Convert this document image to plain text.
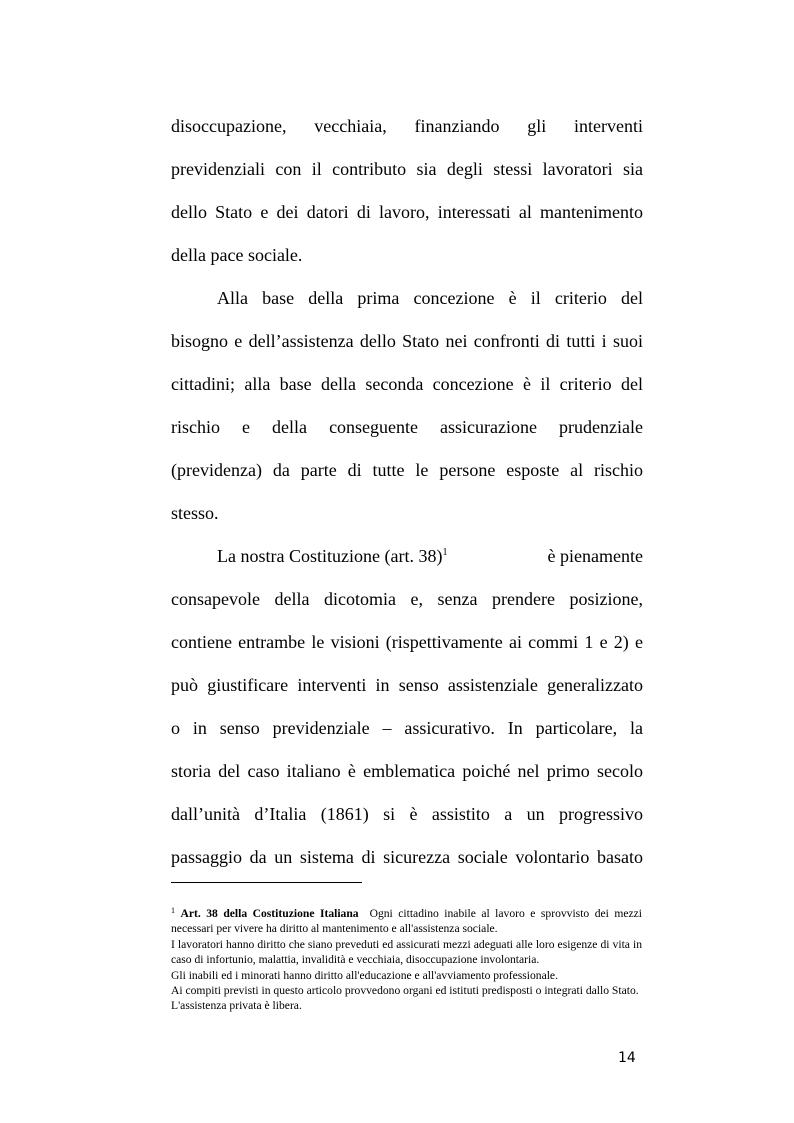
disoccupazione, vecchiaia, finanziando gli interventi
previdenziali con il contributo sia degli stessi lavoratori sia
dello Stato e dei datori di lavoro, interessati al mantenimento
della pace sociale.
Alla base della prima concezione è il criterio del
bisogno e dell’assistenza dello Stato nei confronti di tutti i suoi
cittadini; alla base della seconda concezione è il criterio del
rischio e della conseguente assicurazione prudenziale
(previdenza) da parte di tutte le persone esposte al rischio
stesso.
La nostra Costituzione (art. 38)$^1$	è pienamente
consapevole della dicotomia e, senza prendere posizione,
contiene entrambe le visioni (rispettivamente ai commi 1 e 2) e
può giustificare interventi in senso assistenziale generalizzato
o in senso previdenziale – assicurativo. In particolare, la
storia del caso italiano è emblematica poiché nel primo secolo
dall’unità d’Italia (1861) si è assistito a un progressivo
passaggio da un sistema di sicurezza sociale volontario basato

$^1$ Art. 38 della Costituzione Italiana Ogni cittadino inabile al lavoro e sprovvisto dei mezzi necessari per vivere ha diritto al mantenimento e all'assistenza sociale.

I lavoratori hanno diritto che siano preveduti ed assicurati mezzi adeguati alle loro esigenze di vita in caso di infortunio, malattia, invalidità e vecchiaia, disoccupazione involontaria.

Gli inabili ed i minorati hanno diritto all'educazione e all'avviamento professionale.

Ai compiti previsti in questo articolo provvedono organi ed istituti predisposti o integrati dallo Stato.

L'assistenza privata è libera.

14
